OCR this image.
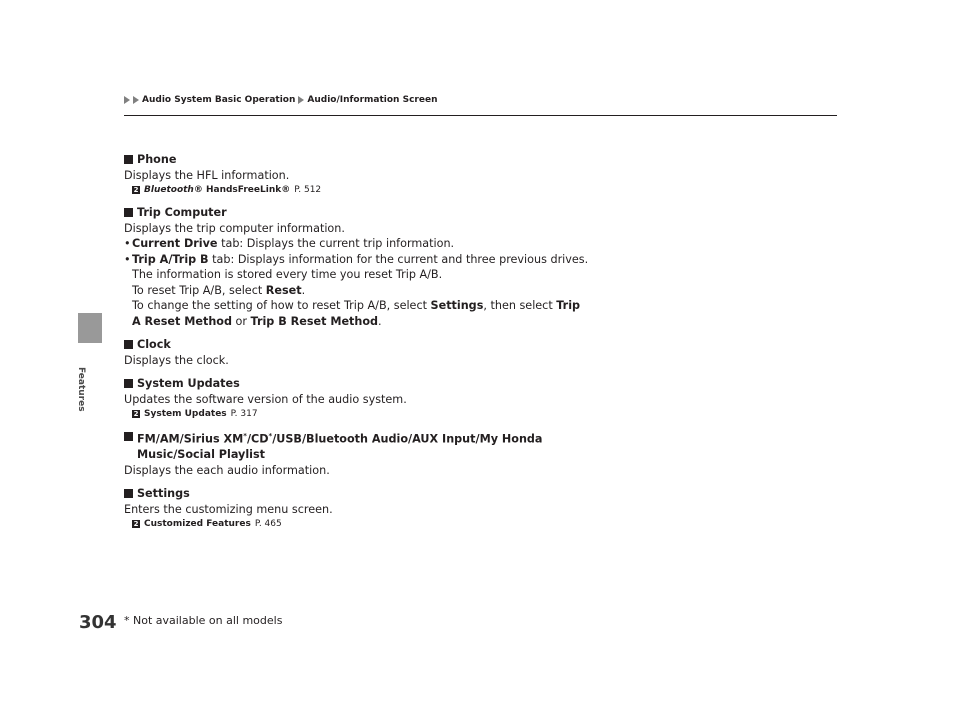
Audio System Basic Operation Audio/Information Screen
Features
Phone
Displays the HFL information.
2 Bluetooth® HandsFreeLink® P. 512
Trip Computer
Displays the trip computer information.
• Current Drive tab: Displays the current trip information.
• Trip A/Trip B tab: Displays information for the current and three previous drives.
The information is stored every time you reset Trip A/B.
To reset Trip A/B, select Reset.
To change the setting of how to reset Trip A/B, select Settings, then select Trip
A Reset Method or Trip B Reset Method.
Clock
Displays the clock.
System Updates
Updates the software version of the audio system.
2 System Updates P. 317
FM/AM/Sirius XM*/CD*/USB/Bluetooth Audio/AUX Input/My Honda
Music/Social Playlist
Displays the each audio information.
Settings
Enters the customizing menu screen.
2 Customized Features P. 465
304 * Not available on all models
